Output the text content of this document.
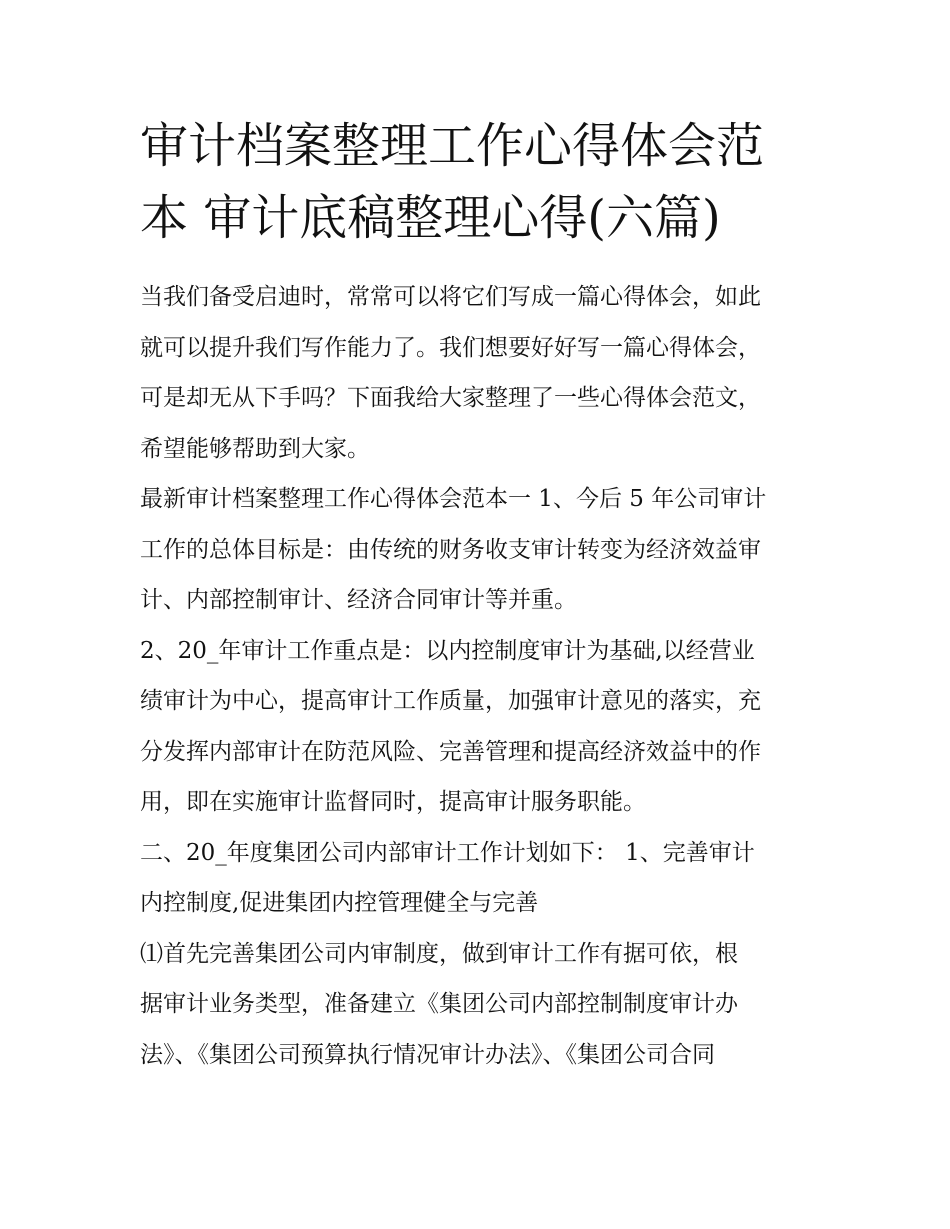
审计档案整理工作心得体会范
本 审计底稿整理心得(六篇)

当我们备受启迪时，常常可以将它们写成一篇心得体会，如此
就可以提升我们写作能力了。我们想要好好写一篇心得体会，
可是却无从下手吗？下面我给大家整理了一些心得体会范文，
希望能够帮助到大家。

最新审计档案整理工作心得体会范本一 1、今后 5 年公司审计
工作的总体目标是：由传统的财务收支审计转变为经济效益审
计、内部控制审计、经济合同审计等并重。

2、20_年审计工作重点是：以内控制度审计为基础,以经营业
绩审计为中心，提高审计工作质量，加强审计意见的落实，充
分发挥内部审计在防范风险、完善管理和提高经济效益中的作
用，即在实施审计监督同时，提高审计服务职能。

二、20_年度集团公司内部审计工作计划如下： 1、完善审计
内控制度,促进集团内控管理健全与完善

⑴首先完善集团公司内审制度，做到审计工作有据可依，根
据审计业务类型，准备建立《集团公司内部控制制度审计办
法》、《集团公司预算执行情况审计办法》、《集团公司合同
